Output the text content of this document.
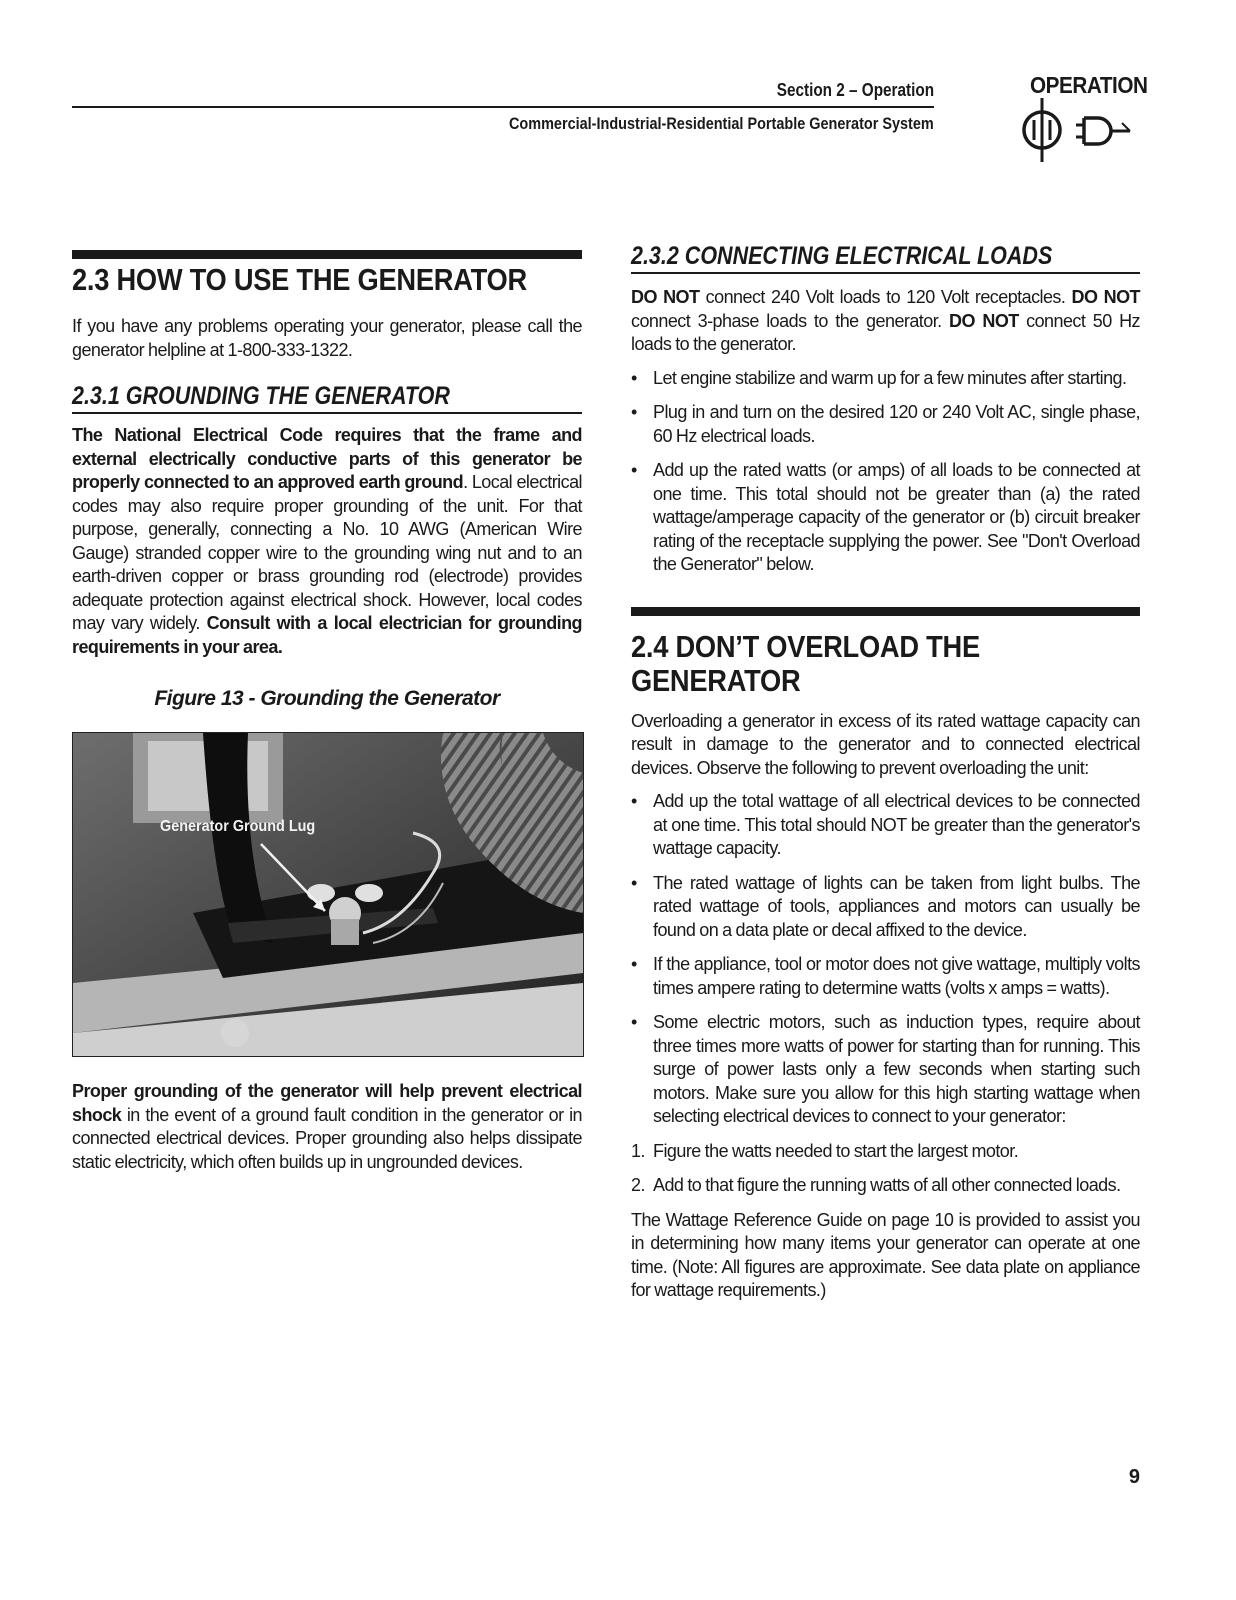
Section 2 – Operation
Commercial-Industrial-Residential Portable Generator System
OPERATION
2.3 HOW TO USE THE GENERATOR

If you have any problems operating your generator, please call the generator helpline at 1-800-333-1322.

2.3.1 GROUNDING THE GENERATOR

The National Electrical Code requires that the frame and external electrically conductive parts of this generator be properly connected to an approved earth ground. Local electrical codes may also require proper grounding of the unit. For that purpose, generally, connecting a No. 10 AWG (American Wire Gauge) stranded copper wire to the grounding wing nut and to an earth-driven copper or brass grounding rod (electrode) provides adequate protection against electrical shock. However, local codes may vary widely. Consult with a local electrician for grounding requirements in your area.

Figure 13 - Grounding the Generator
Generator Ground Lug

Proper grounding of the generator will help prevent electrical shock in the event of a ground fault condition in the generator or in connected electrical devices. Proper grounding also helps dissipate static electricity, which often builds up in ungrounded devices.

2.3.2 CONNECTING ELECTRICAL LOADS

DO NOT connect 240 Volt loads to 120 Volt receptacles. DO NOT connect 3-phase loads to the generator. DO NOT connect 50 Hz loads to the generator.

• Let engine stabilize and warm up for a few minutes after starting.
• Plug in and turn on the desired 120 or 240 Volt AC, single phase, 60 Hz electrical loads.
• Add up the rated watts (or amps) of all loads to be connected at one time. This total should not be greater than (a) the rated wattage/amperage capacity of the generator or (b) circuit breaker rating of the receptacle supplying the power. See "Don't Overload the Generator" below.
2.4 DON’T OVERLOAD THE
GENERATOR

Overloading a generator in excess of its rated wattage capacity can result in damage to the generator and to connected electrical devices. Observe the following to prevent overloading the unit:

• Add up the total wattage of all electrical devices to be connected at one time. This total should NOT be greater than the generator's wattage capacity.
• The rated wattage of lights can be taken from light bulbs. The rated wattage of tools, appliances and motors can usually be found on a data plate or decal affixed to the device.
• If the appliance, tool or motor does not give wattage, multiply volts times ampere rating to determine watts (volts x amps = watts).
• Some electric motors, such as induction types, require about three times more watts of power for starting than for running. This surge of power lasts only a few seconds when starting such motors. Make sure you allow for this high starting wattage when selecting electrical devices to connect to your generator:
1. Figure the watts needed to start the largest motor.
2. Add to that figure the running watts of all other connected loads.

The Wattage Reference Guide on page 10 is provided to assist you in determining how many items your generator can operate at one time. (Note: All figures are approximate. See data plate on appliance for wattage requirements.)

9
